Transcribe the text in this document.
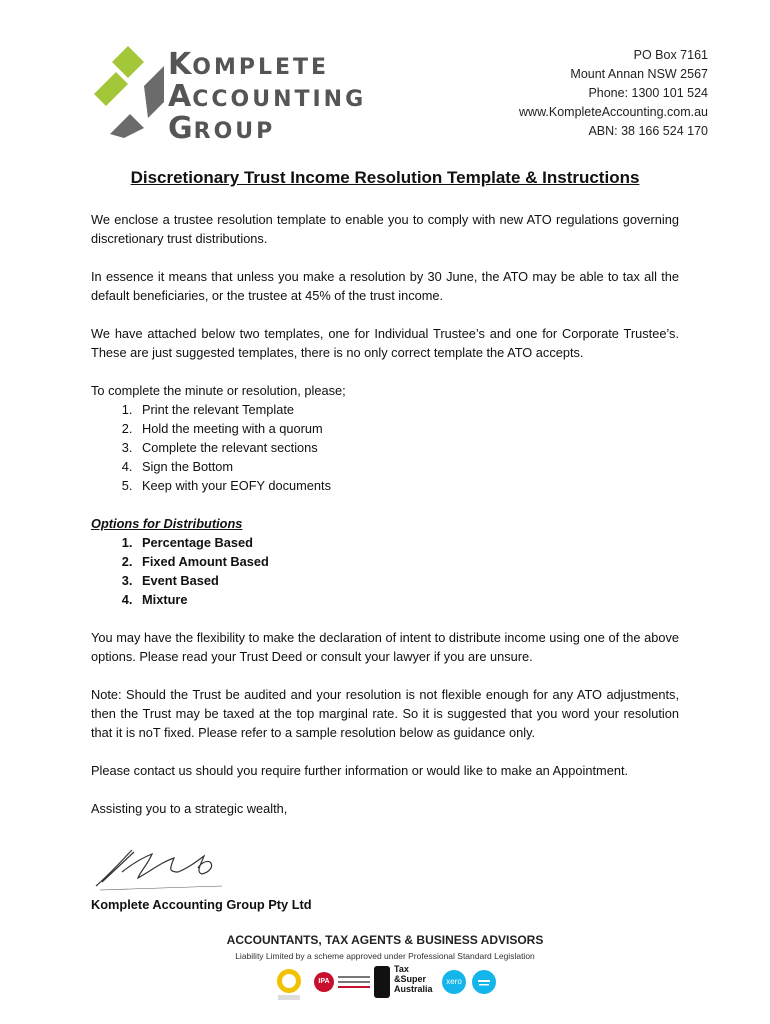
KOMPLETE
ACCOUNTING
GROUP
PO Box 7161
Mount Annan NSW 2567
Phone: 1300 101 524
www.KompleteAccounting.com.au
ABN: 38 166 524 170
Discretionary Trust Income Resolution Template & Instructions

We enclose a trustee resolution template to enable you to comply with new ATO regulations governing discretionary trust distributions.

In essence it means that unless you make a resolution by 30 June, the ATO may be able to tax all the default beneficiaries, or the trustee at 45% of the trust income.

We have attached below two templates, one for Individual Trustee’s and one for Corporate Trustee’s. These are just suggested templates, there is no only correct template the ATO accepts.

To complete the minute or resolution, please;
1. Print the relevant Template
2. Hold the meeting with a quorum
3. Complete the relevant sections
4. Sign the Bottom
5. Keep with your EOFY documents

Options for Distributions

1. Percentage Based
2. Fixed Amount Based
3. Event Based
4. Mixture

You may have the flexibility to make the declaration of intent to distribute income using one of the above options. Please read your Trust Deed or consult your lawyer if you are unsure.

Note: Should the Trust be audited and your resolution is not flexible enough for any ATO adjustments, then the Trust may be taxed at the top marginal rate. So it is suggested that you word your resolution that it is noT fixed. Please refer to a sample resolution below as guidance only.

Please contact us should you require further information or would like to make an Appointment.

Assisting you to a strategic wealth,

Komplete Accounting Group Pty Ltd
ACCOUNTANTS, TAX AGENTS & BUSINESS ADVISORS
Liability Limited by a scheme approved under Professional Standard Legislation
IPA
Tax
&Super
Australia
xero
